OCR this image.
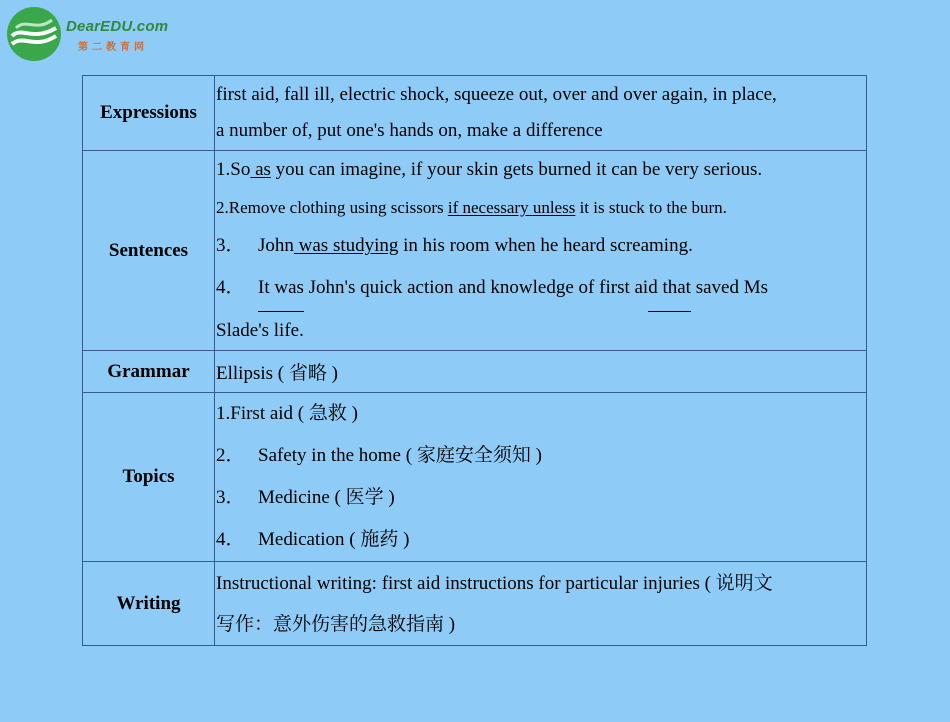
DearEDU.com
第二教育网
Expressions	first aid, fall ill, electric shock, squeeze out, over and over again, in place,
a number of, put one's hands on, make a difference

Sentences	1.So as you can imagine, if your skin gets burned it can be very serious.
2.Remove clothing using scissors if necessary unless it is stuck to the burn.
3． John was studying in his room when he heard screaming.
4． It was John's quick action and knowledge of first aid that saved Ms
Slade's life.

Grammar	Ellipsis ( 省略 )
Topics	1.First aid ( 急救 )
2． Safety in the home ( 家庭安全须知 )
3． Medicine ( 医学 )
4． Medication ( 施药 )

Writing	Instructional writing: first aid instructions for particular injuries ( 说明文
写作：意外伤害的急救指南 )
